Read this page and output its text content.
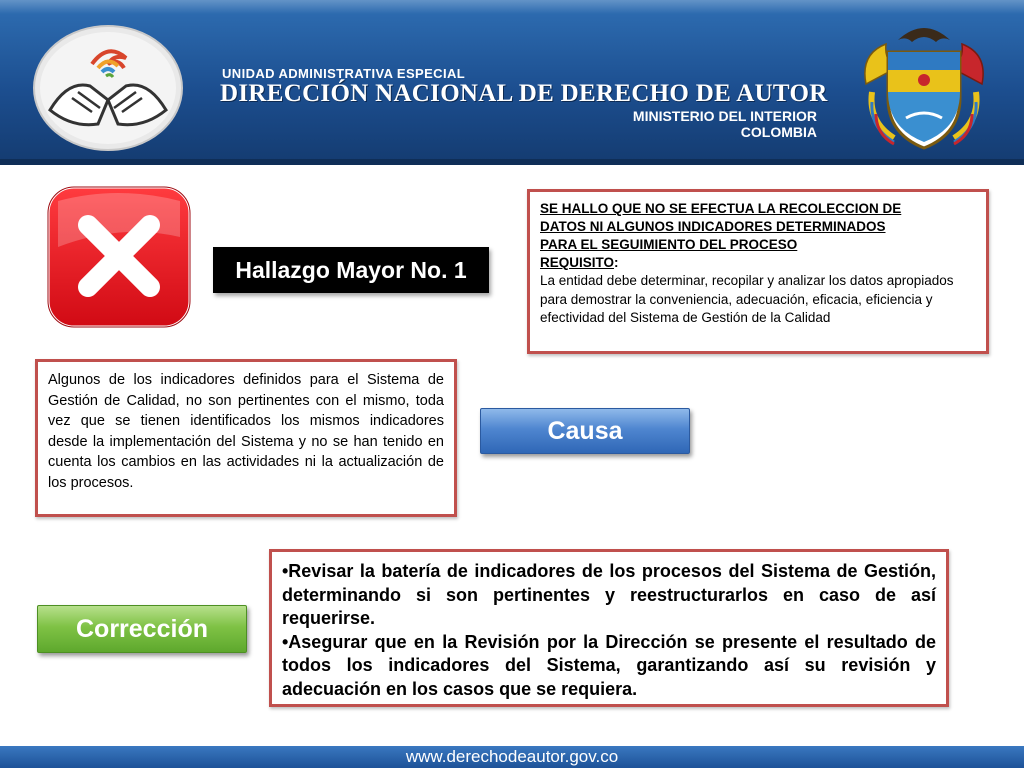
UNIDAD ADMINISTRATIVA ESPECIAL
DIRECCIÓN NACIONAL DE DERECHO DE AUTOR
MINISTERIO DEL INTERIOR
COLOMBIA
Hallazgo Mayor No. 1
SE HALLO QUE NO SE EFECTUA LA RECOLECCION DE
DATOS NI ALGUNOS INDICADORES DETERMINADOS
PARA EL SEGUIMIENTO DEL PROCESO
REQUISITO:

La entidad debe determinar, recopilar y analizar los datos apropiados para demostrar la conveniencia, adecuación, eficacia, eficiencia y efectividad del Sistema de Gestión de la Calidad

Algunos de los indicadores definidos para el Sistema de Gestión de Calidad, no son pertinentes con el mismo, toda vez que se tienen identificados los mismos indicadores desde la implementación del Sistema y no se han tenido en cuenta los cambios en las actividades ni la actualización de los procesos.

Causa
Corrección

•Revisar la batería de indicadores de los procesos del Sistema de Gestión, determinando si son pertinentes y reestructurarlos en caso de así requerirse.

•Asegurar que en la Revisión por la Dirección se presente el resultado de todos los indicadores del Sistema, garantizando así su revisión y adecuación en los casos que se requiera.

www.derechodeautor.gov.co
